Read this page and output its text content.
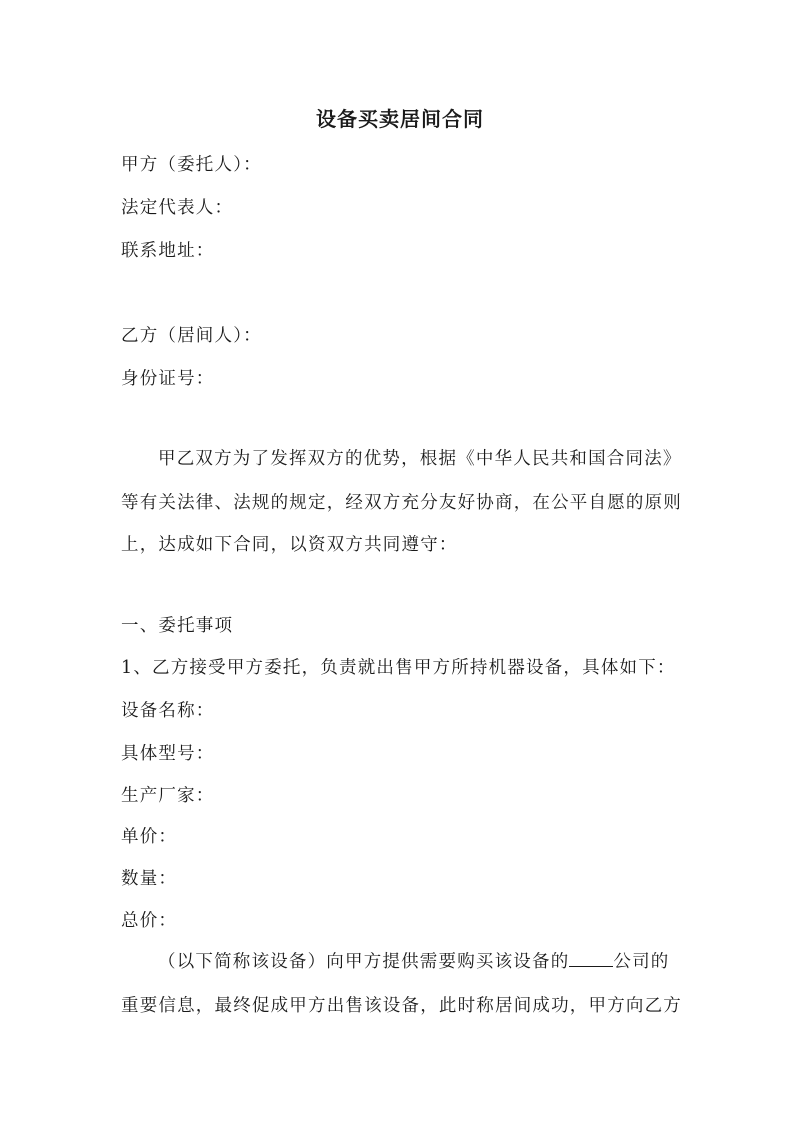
设备买卖居间合同
甲方（委托人）：
法定代表人：
联系地址：
乙方（居间人）：
身份证号：
甲乙双方为了发挥双方的优势，根据《中华人民共和国合同法》
等有关法律、法规的规定，经双方充分友好协商，在公平自愿的原则
上，达成如下合同，以资双方共同遵守：
一、委托事项
1、乙方接受甲方委托，负责就出售甲方所持机器设备，具体如下：
设备名称：
具体型号：
生产厂家：
单价：
数量：
总价：
（以下简称该设备）向甲方提供需要购买该设备的	公司的
重要信息，最终促成甲方出售该设备，此时称居间成功，甲方向乙方
